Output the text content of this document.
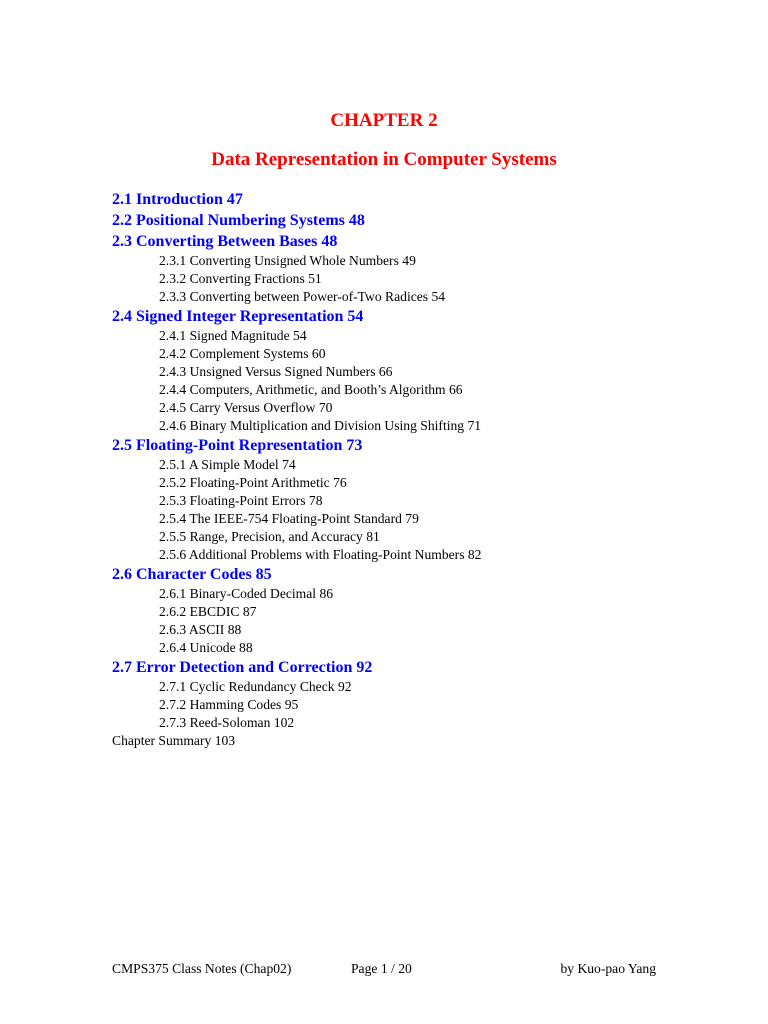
CHAPTER 2
Data Representation in Computer Systems
2.1 Introduction 47
2.2 Positional Numbering Systems 48
2.3 Converting Between Bases 48
2.3.1 Converting Unsigned Whole Numbers 49
2.3.2 Converting Fractions 51
2.3.3 Converting between Power-of-Two Radices 54
2.4 Signed Integer Representation 54
2.4.1 Signed Magnitude 54
2.4.2 Complement Systems 60
2.4.3 Unsigned Versus Signed Numbers 66
2.4.4 Computers, Arithmetic, and Booth’s Algorithm 66
2.4.5 Carry Versus Overflow 70
2.4.6 Binary Multiplication and Division Using Shifting 71
2.5 Floating-Point Representation 73
2.5.1 A Simple Model 74
2.5.2 Floating-Point Arithmetic 76
2.5.3 Floating-Point Errors 78
2.5.4 The IEEE-754 Floating-Point Standard 79
2.5.5 Range, Precision, and Accuracy 81
2.5.6 Additional Problems with Floating-Point Numbers 82
2.6 Character Codes 85
2.6.1 Binary-Coded Decimal 86
2.6.2 EBCDIC 87
2.6.3 ASCII 88
2.6.4 Unicode 88
2.7 Error Detection and Correction 92
2.7.1 Cyclic Redundancy Check 92
2.7.2 Hamming Codes 95
2.7.3 Reed-Soloman 102
Chapter Summary 103
CMPS375 Class Notes (Chap02)	Page 1 / 20	by Kuo-pao Yang
